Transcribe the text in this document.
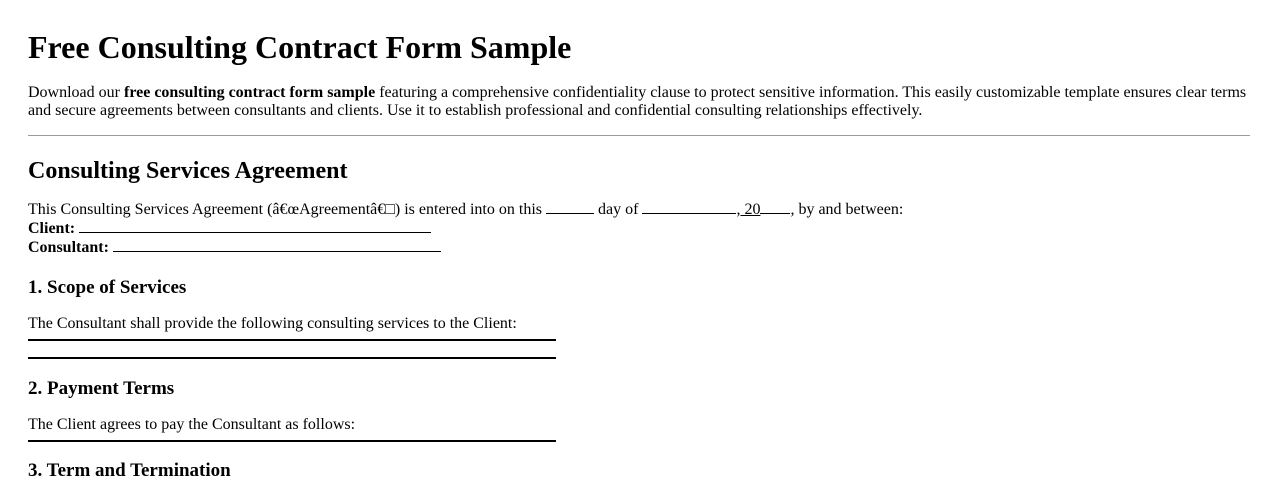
Free Consulting Contract Form Sample

Download our free consulting contract form sample featuring a comprehensive confidentiality clause to protect sensitive information. This easily customizable template ensures clear terms and secure agreements between consultants and clients. Use it to establish professional and confidential consulting relationships effectively.

Consulting Services Agreement
This Consulting Services Agreement (â€œAgreementâ€□) is entered into on this	day of	, 20 , by and between:
Client:
Consultant:
1. Scope of Services

The Consultant shall provide the following consulting services to the Client:

2. Payment Terms

The Client agrees to pay the Consultant as follows:

3. Term and Termination
